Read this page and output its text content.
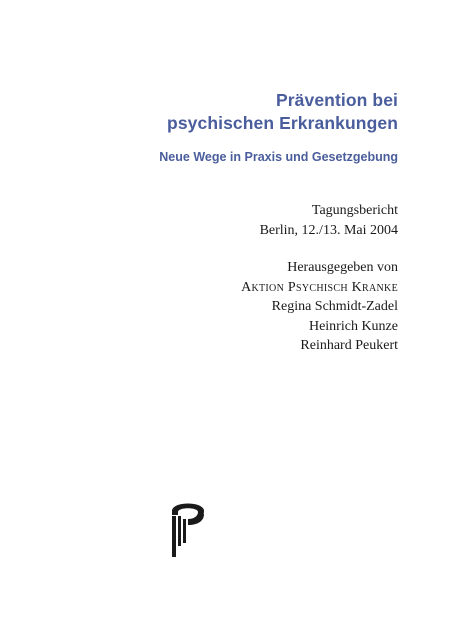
Prävention bei
psychischen Erkrankungen
Neue Wege in Praxis und Gesetzgebung
Tagungsbericht
Berlin, 12./13. Mai 2004
Herausgegeben von
Aktion Psychisch Kranke
Regina Schmidt-Zadel
Heinrich Kunze
Reinhard Peukert
